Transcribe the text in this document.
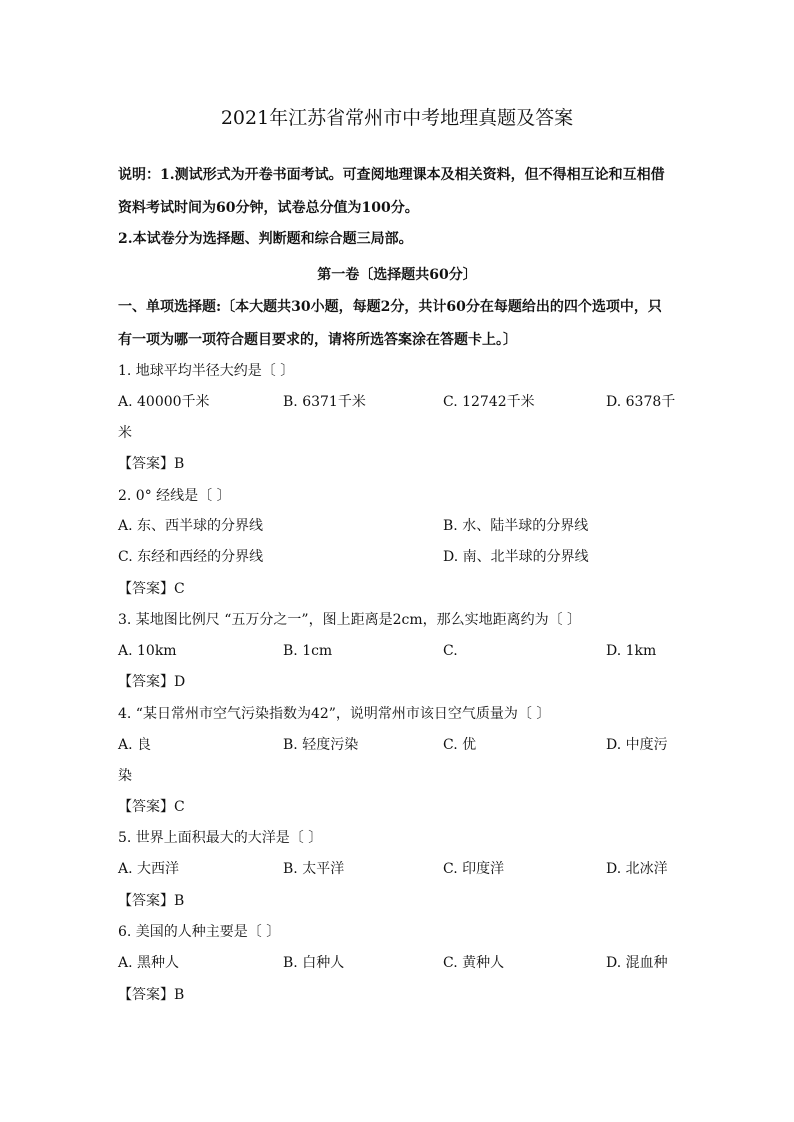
2021年江苏省常州市中考地理真题及答案
说明：1.测试形式为开卷书面考试。可查阅地理课本及相关资料，但不得相互论和互相借
资料考试时间为60分钟，试卷总分值为100分。
2.本试卷分为选择题、判断题和综合题三局部。
第一卷〔选择题共60分〕
一、单项选择题:〔本大题共30小题，每题2分，共计60分在每题给出的四个选项中，只
有一项为哪一项符合题目要求的，请将所选答案涂在答题卡上。〕
1. 地球平均半径大约是〔 〕
A. 40000千米	B. 6371千米	C. 12742千米	D. 6378千
米
【答案】B
2. 0° 经线是〔 〕
A. 东、西半球的分界线	B. 水、陆半球的分界线
C. 东经和西经的分界线	D. 南、北半球的分界线
【答案】C
3. 某地图比例尺 “五万分之一”，图上距离是2cm，那么实地距离约为〔 〕
A. 10km	B. 1cm	C.	D. 1km
【答案】D
4. “某日常州市空气污染指数为42”，说明常州市该日空气质量为〔 〕
A. 良	B. 轻度污染	C. 优	D. 中度污
染
【答案】C
5. 世界上面积最大的大洋是〔 〕
A. 大西洋	B. 太平洋	C. 印度洋	D. 北冰洋
【答案】B
6. 美国的人种主要是〔 〕
A. 黑种人	B. 白种人	C. 黄种人	D. 混血种
【答案】B
